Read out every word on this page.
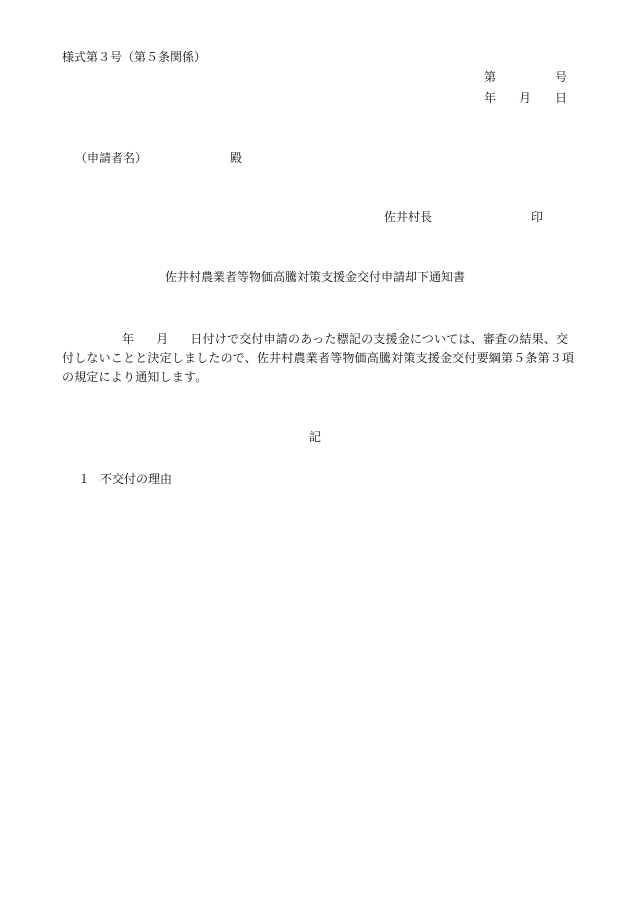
様式第３号（第５条関係）
第	号
年 月 日
（申請者名）	殿
佐井村長	印
佐井村農業者等物価高騰対策支援金交付申請却下通知書

年 月 日付けで交付申請のあった標記の支援金については、審査の結果、交

付しないことと決定しましたので、佐井村農業者等物価高騰対策支援金交付要綱第５条第３項

の規定により通知します。

記
１ 不交付の理由
